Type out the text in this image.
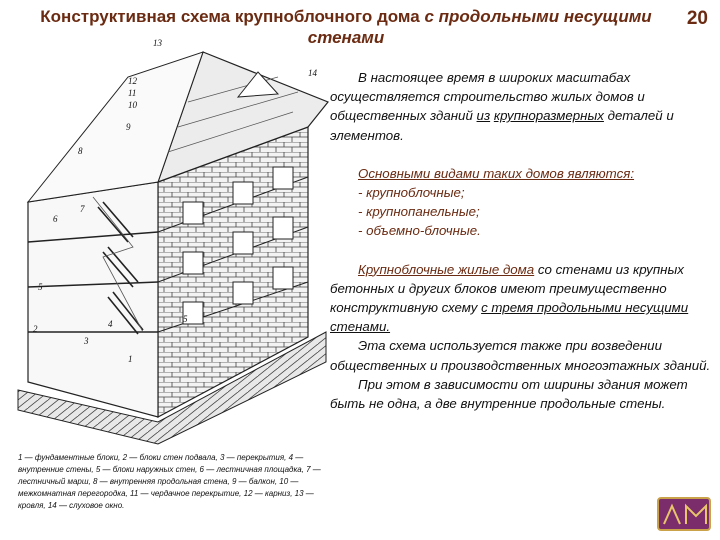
Конструктивная схема крупноблочного дома с продольными несущими стенами
20
13
14
12
11
10
9
8
7
6
5
4
3
2
1
5
1 — фундаментные блоки, 2 — блоки стен подвала, 3 — перекрытия, 4 — внутренние стены, 5 — блоки наружных стен, 6 — лестничная площадка, 7 — лестничный марш, 8 — внутренняя продольная стена, 9 — балкон, 10 — межкомнатная перегородка, 11 — чердачное перекрытие, 12 — карниз, 13 — кровля, 14 — слуховое окно.

В настоящее время в широких масштабах осуществляется строительство жилых домов и общественных зданий из крупноразмерных деталей и элементов.

Основными видами таких домов являются:

- крупноблочные;

- крупнопанельные;

- объемно-блочные.

Крупноблочные жилые дома со стенами из крупных бетонных и других блоков имеют преимущественно конструктивную схему с тремя продольными несущими стенами.

Эта схема используется также при возведении общественных и производственных многоэтажных зданий.

При этом в зависимости от ширины здания может быть не одна, а две внутренние продольные стены.
